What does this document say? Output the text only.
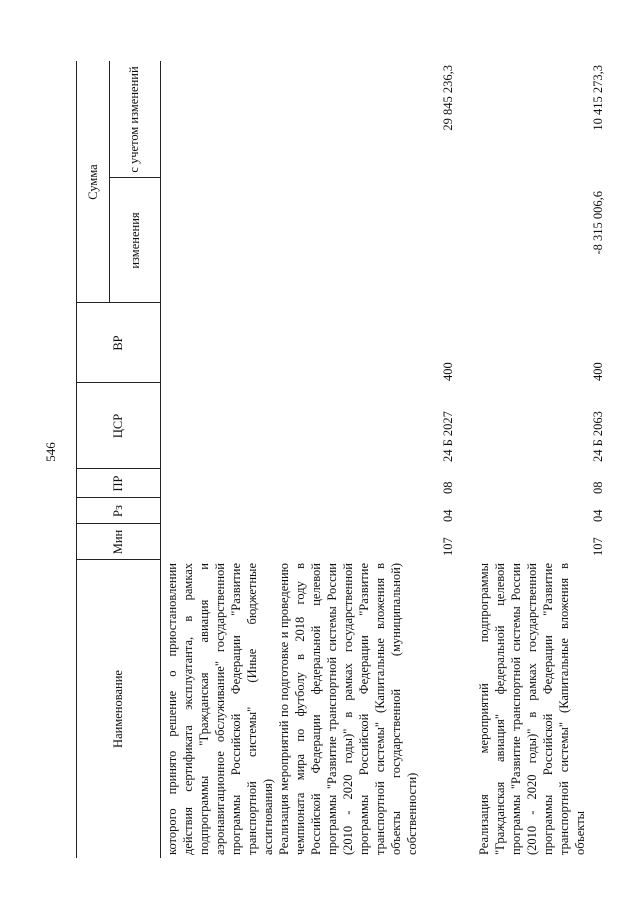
546
Наименование
Мин
Рз
ПР
ЦСР
ВР
Сумма
изменения
с учетом изменений
которого принято решение о приостановлении действия сертификата эксплуатанта, в рамках подпрограммы "Гражданская авиация и аэронавигационное обслуживание" государственной программы Российской Федерации "Развитие транспортной системы" (Иные бюджетные ассигнования) Реализация мероприятий по подготовке и проведению чемпионата мира по футболу в 2018 году в Российской Федерации федеральной целевой программы "Развитие транспортной системы России (2010 - 2020 годы)" в рамках государственной программы Российской Федерации "Развитие транспортной системы" (Капитальные вложения в объекты государственной (муниципальной) собственности)
107
04
08
24 Б 2027
400
29 845 236,3
Реализация мероприятий подпрограммы "Гражданская авиация" федеральной целевой программы "Развитие транспортной системы России (2010 - 2020 годы)" в рамках государственной программы Российской Федерации "Развитие транспортной системы" (Капитальные вложения в объекты
107
04
08
24 Б 2063
400
-8 315 006,6
10 415 273,3
